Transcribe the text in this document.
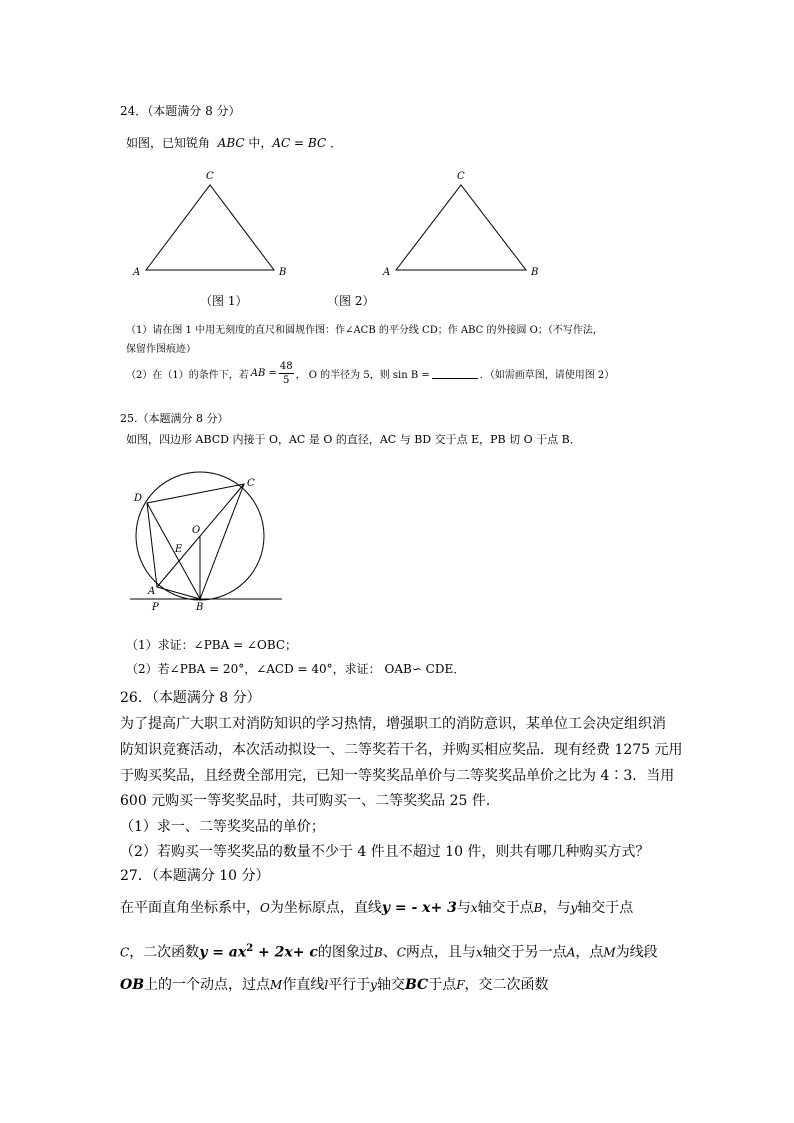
24．（本题满分 8 分）
如图，已知锐角 ABC 中，AC = BC ．
C
A	B
C
A	B
（图 1）	（图 2）
（1）请在图 1 中用无刻度的直尺和圆规作图：作∠ACB 的平分线 CD；作 ABC 的外接圆 O；（不写作法，
保留作图痕迹）
（2）在（1）的条件下，若 AB = $\frac{48}{5}$ ， O 的半径为 5，则 sin B =	．（如需画草图，请使用图 2）
25.（本题满分 8 分）
如图，四边形 ABCD 内接于 O，AC 是 O 的直径，AC 与 BD 交于点 E，PB 切 O 于点 B．
D
C
O
E
A
P	B
（1）求证：∠PBA = ∠OBC；
（2）若∠PBA = 20°，∠ACD = 40°，求证： OAB∽ CDE．
26．（本题满分 8 分）
为了提高广大职工对消防知识的学习热情，增强职工的消防意识，某单位工会决定组织消
防知识竞赛活动，本次活动拟设一、二等奖若干名，并购买相应奖品．现有经费 1275 元用
于购买奖品，且经费全部用完，已知一等奖奖品单价与二等奖奖品单价之比为 4∶3．当用
600 元购买一等奖奖品时，共可购买一、二等奖奖品 25 件．
（1）求一、二等奖奖品的单价；
（2）若购买一等奖奖品的数量不少于 4 件且不超过 10 件，则共有哪几种购买方式？
27．（本题满分 10 分）
在平面直角坐标系中，O为坐标原点，直线y = - x+ 3与x轴交于点B，与y轴交于点
C，二次函数$y = ax^2 + 2x+ c$的图象过B、C两点，且与x轴交于另一点A，点M为线段
OB上的一个动点，过点M作直线l平行于y轴交BC于点F，交二次函数
